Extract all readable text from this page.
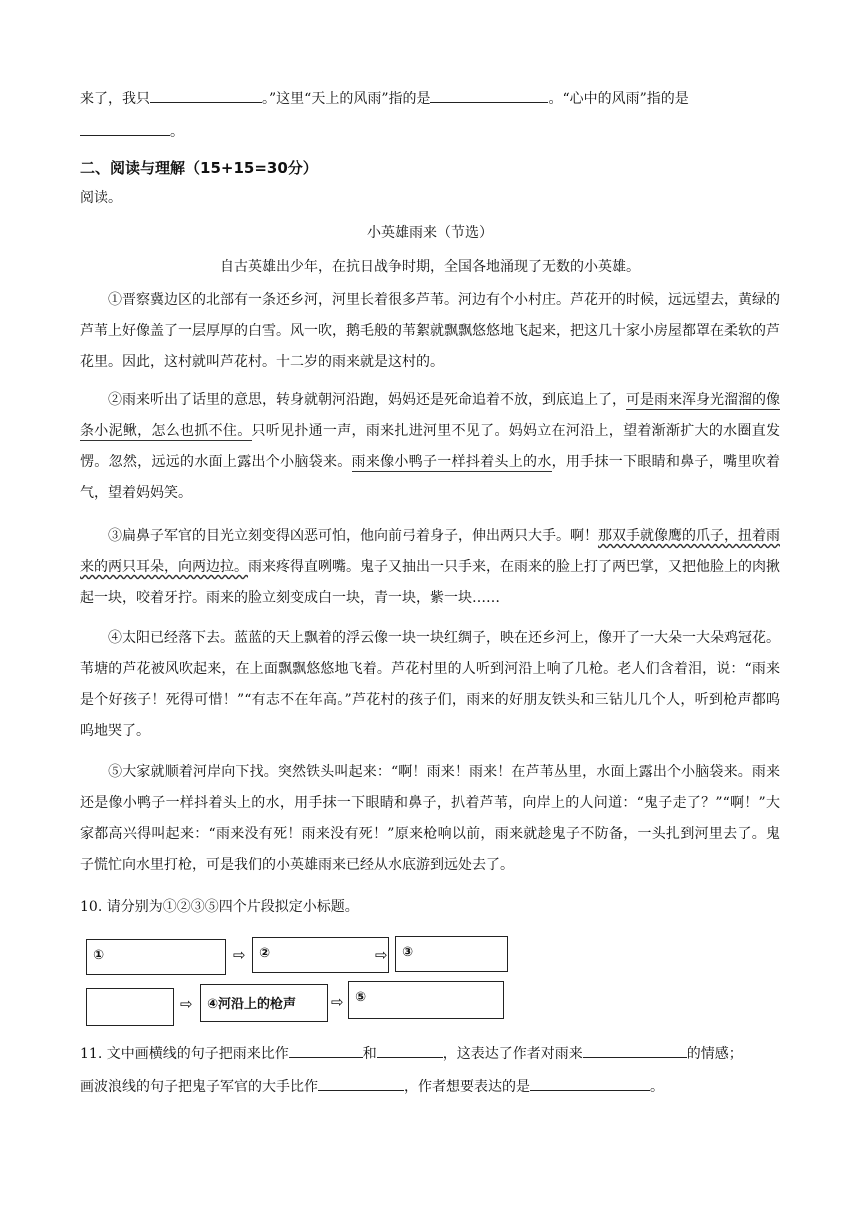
来了，我只	。”这里“天上的风雨”指的是	。“心中的风雨”指的是
。
二、阅读与理解（15+15=30分）
阅读。
小英雄雨来（节选）
自古英雄出少年，在抗日战争时期，全国各地涌现了无数的小英雄。
①晋察冀边区的北部有一条还乡河，河里长着很多芦苇。河边有个小村庄。芦花开的时候，远远望去，黄绿的芦苇上好像盖了一层厚厚的白雪。风一吹，鹅毛般的苇絮就飘飘悠悠地飞起来，把这几十家小房屋都罩在柔软的芦花里。因此，这村就叫芦花村。十二岁的雨来就是这村的。
②雨来听出了话里的意思，转身就朝河沿跑，妈妈还是死命追着不放，到底追上了，可是雨来浑身光溜溜的像条小泥鳅，怎么也抓不住。只听见扑通一声，雨来扎进河里不见了。妈妈立在河沿上，望着渐渐扩大的水圈直发愣。忽然，远远的水面上露出个小脑袋来。雨来像小鸭子一样抖着头上的水，用手抹一下眼睛和鼻子，嘴里吹着气，望着妈妈笑。
③扁鼻子军官的目光立刻变得凶恶可怕，他向前弓着身子，伸出两只大手。啊！那双手就像鹰的爪子，扭着雨来的两只耳朵，向两边拉。雨来疼得直咧嘴。鬼子又抽出一只手来，在雨来的脸上打了两巴掌，又把他脸上的肉揪起一块，咬着牙拧。雨来的脸立刻变成白一块，青一块，紫一块……
④太阳已经落下去。蓝蓝的天上飘着的浮云像一块一块红绸子，映在还乡河上，像开了一大朵一大朵鸡冠花。苇塘的芦花被风吹起来，在上面飘飘悠悠地飞着。芦花村里的人听到河沿上响了几枪。老人们含着泪，说：“雨来是个好孩子！死得可惜！”“有志不在年高。”芦花村的孩子们，雨来的好朋友铁头和三钻儿几个人，听到枪声都呜呜地哭了。
⑤大家就顺着河岸向下找。突然铁头叫起来：“啊！雨来！雨来！在芦苇丛里，水面上露出个小脑袋来。雨来还是像小鸭子一样抖着头上的水，用手抹一下眼睛和鼻子，扒着芦苇，向岸上的人问道：“鬼子走了？”“啊！”大家都高兴得叫起来：“雨来没有死！雨来没有死！”原来枪响以前，雨来就趁鬼子不防备，一头扎到河里去了。鬼子慌忙向水里打枪，可是我们的小英雄雨来已经从水底游到远处去了。
10. 请分别为①②③⑤四个片段拟定小标题。
①	⇨ ②	⇨ ③
⇨ ④河沿上的枪声 ⇨ ⑤
11. 文中画横线的句子把雨来比作	和	，这表达了作者对雨来	的情感；
画波浪线的句子把鬼子军官的大手比作	，作者想要表达的是	。
